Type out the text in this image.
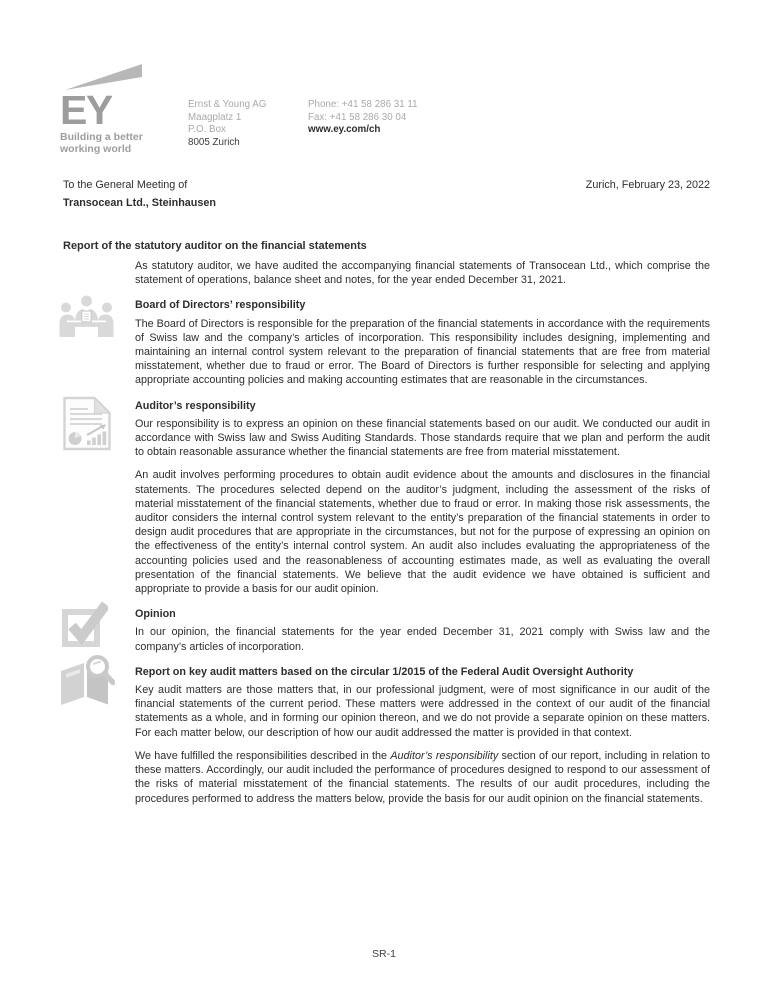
EY
Building a better
working world
Ernst & Young AG
Maagplatz 1
P.O. Box
8005 Zurich
Phone: +41 58 286 31 11
Fax: +41 58 286 30 04
www.ey.com/ch
To the General Meeting of
Transocean Ltd., Steinhausen
Zurich, February 23, 2022
Report of the statutory auditor on the financial statements

As statutory auditor, we have audited the accompanying financial statements of Transocean Ltd., which comprise the statement of operations, balance sheet and notes, for the year ended December 31, 2021.

Board of Directors’ responsibility

The Board of Directors is responsible for the preparation of the financial statements in accordance with the requirements of Swiss law and the company’s articles of incorporation. This responsibility includes designing, implementing and maintaining an internal control system relevant to the preparation of financial statements that are free from material misstatement, whether due to fraud or error. The Board of Directors is further responsible for selecting and applying appropriate accounting policies and making accounting estimates that are reasonable in the circumstances.

Auditor’s responsibility

Our responsibility is to express an opinion on these financial statements based on our audit. We conducted our audit in accordance with Swiss law and Swiss Auditing Standards. Those standards require that we plan and perform the audit to obtain reasonable assurance whether the financial statements are free from material misstatement.

An audit involves performing procedures to obtain audit evidence about the amounts and disclosures in the financial statements. The procedures selected depend on the auditor’s judgment, including the assessment of the risks of material misstatement of the financial statements, whether due to fraud or error. In making those risk assessments, the auditor considers the internal control system relevant to the entity’s preparation of the financial statements in order to design audit procedures that are appropriate in the circumstances, but not for the purpose of expressing an opinion on the effectiveness of the entity’s internal control system. An audit also includes evaluating the appropriateness of the accounting policies used and the reasonableness of accounting estimates made, as well as evaluating the overall presentation of the financial statements. We believe that the audit evidence we have obtained is sufficient and appropriate to provide a basis for our audit opinion.

Opinion

In our opinion, the financial statements for the year ended December 31, 2021 comply with Swiss law and the company’s articles of incorporation.

Report on key audit matters based on the circular 1/2015 of the Federal Audit Oversight Authority

Key audit matters are those matters that, in our professional judgment, were of most significance in our audit of the financial statements of the current period. These matters were addressed in the context of our audit of the financial statements as a whole, and in forming our opinion thereon, and we do not provide a separate opinion on these matters. For each matter below, our description of how our audit addressed the matter is provided in that context.

We have fulfilled the responsibilities described in the Auditor’s responsibility section of our report, including in relation to these matters. Accordingly, our audit included the performance of procedures designed to respond to our assessment of the risks of material misstatement of the financial statements. The results of our audit procedures, including the procedures performed to address the matters below, provide the basis for our audit opinion on the financial statements.

SR-1
